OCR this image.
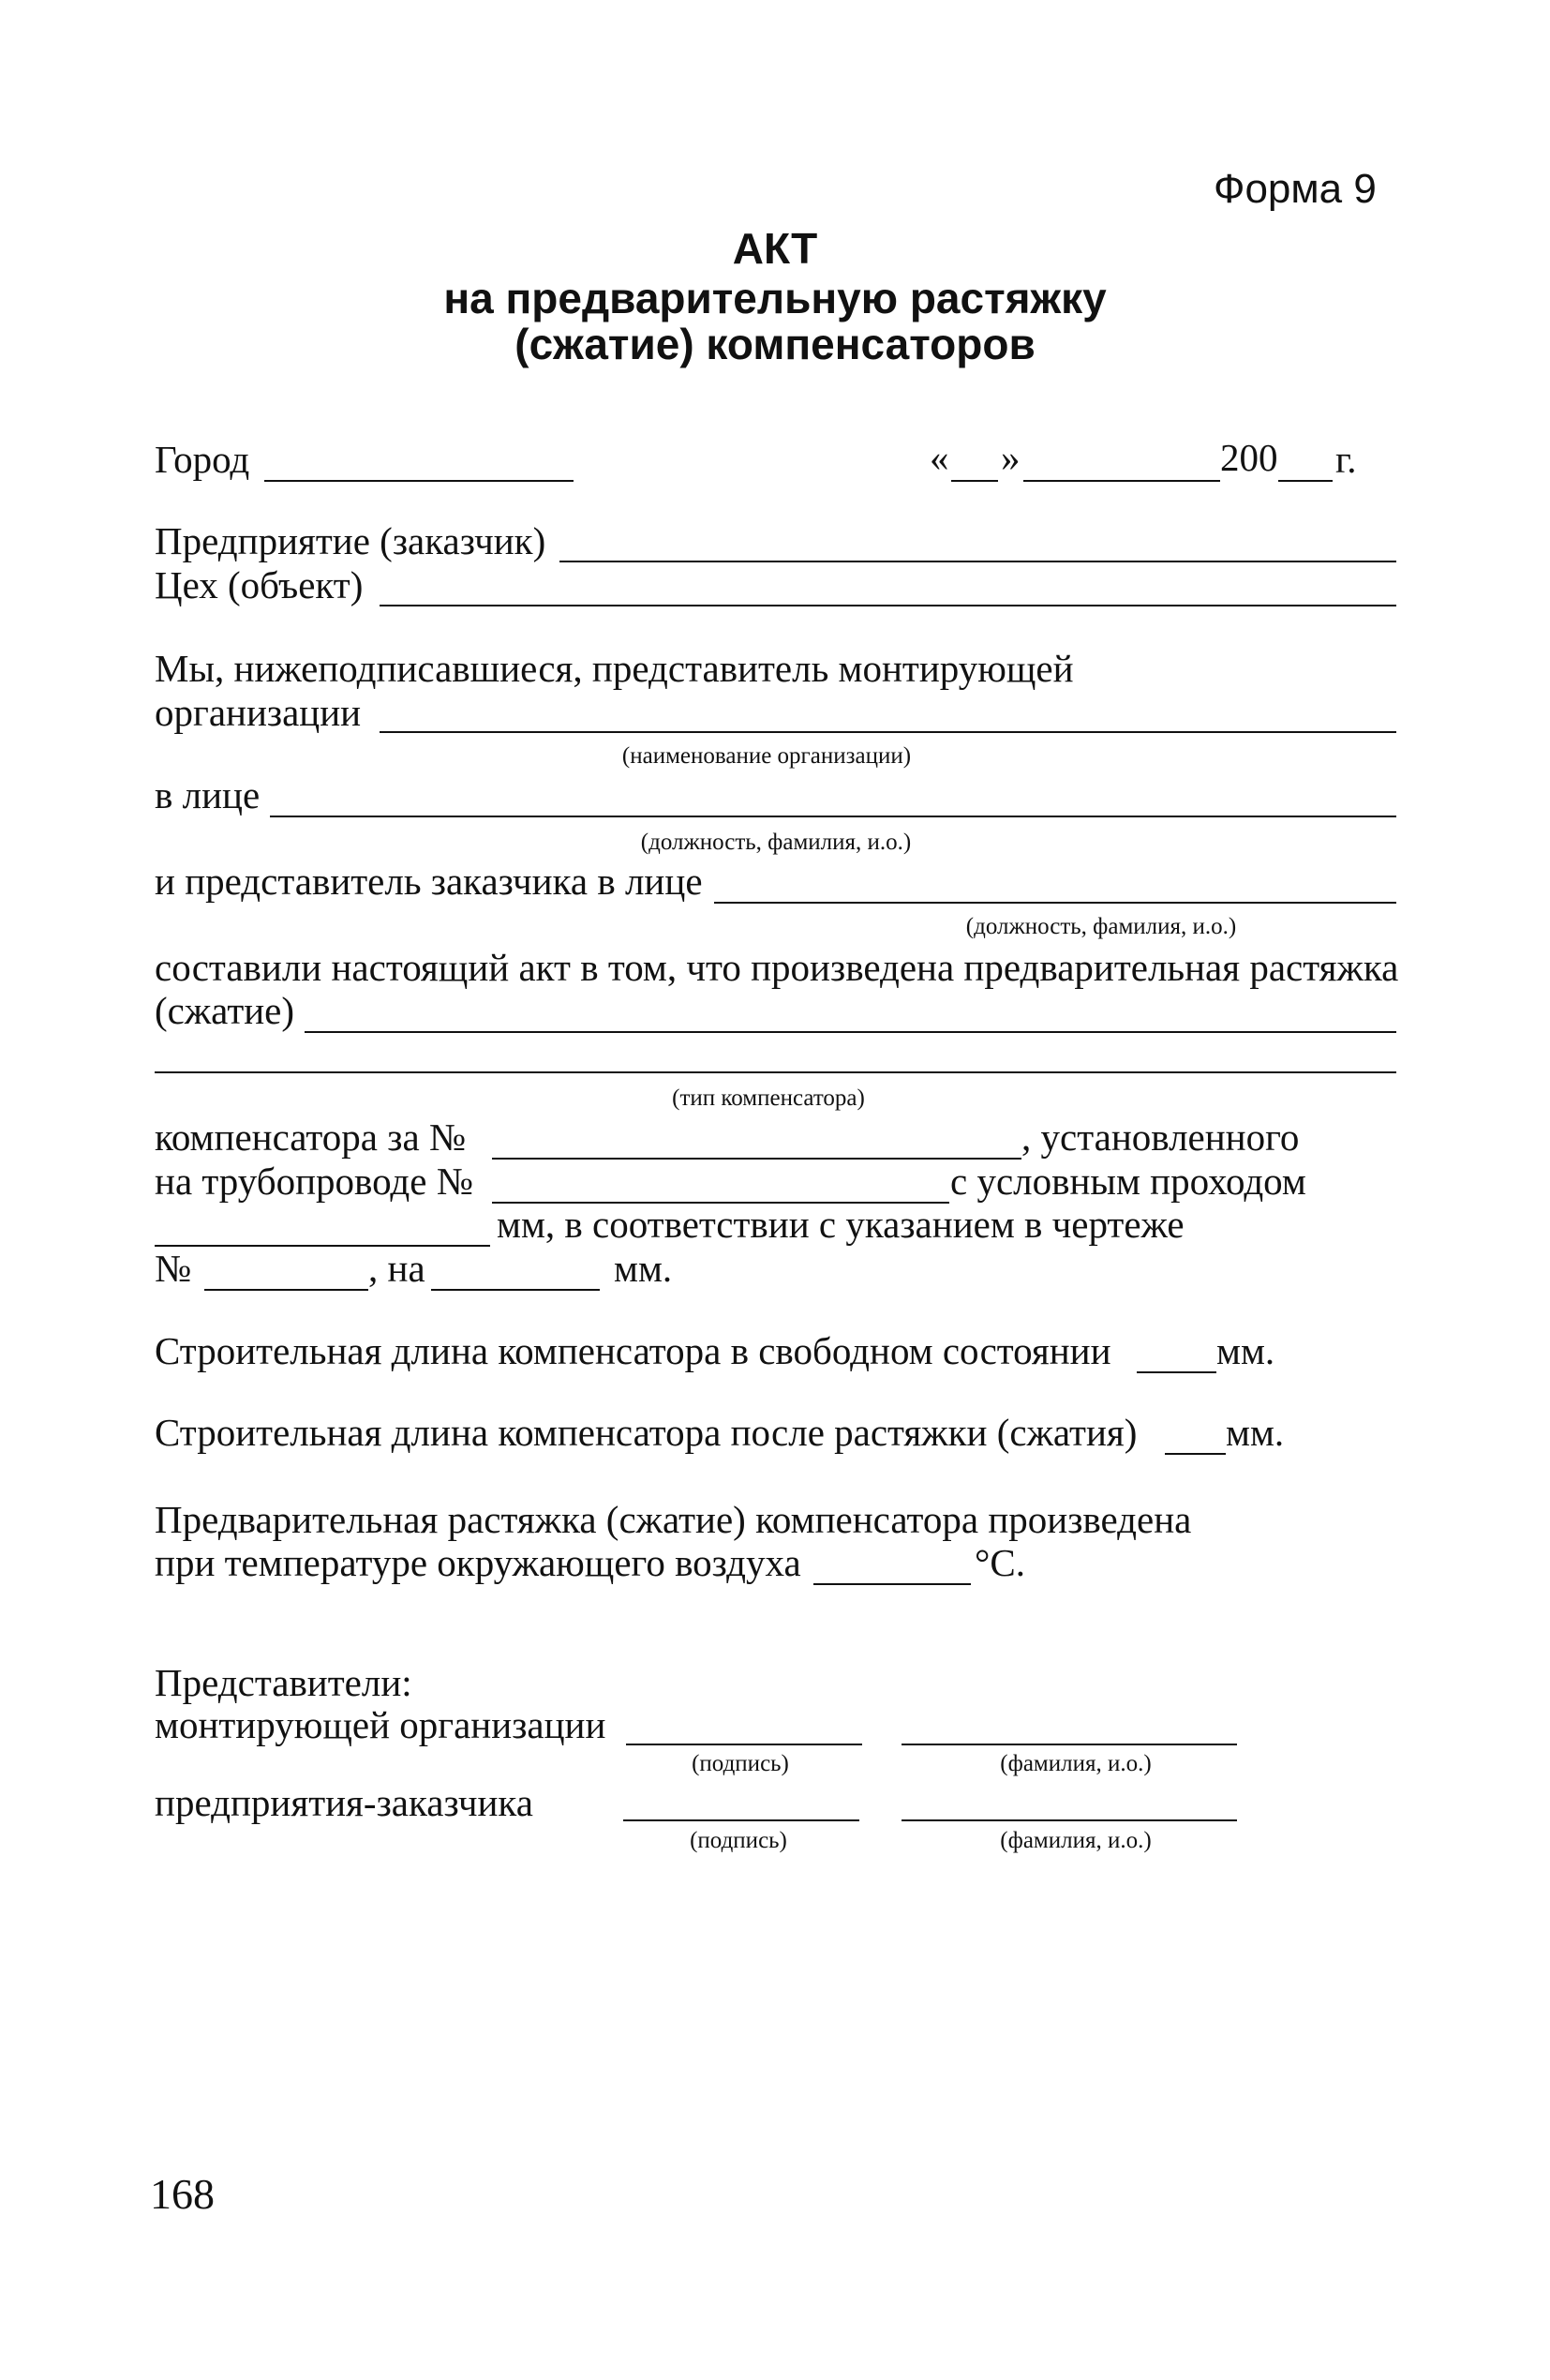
Форма 9
АКТ
на предварительную растяжку
(сжатие) компенсаторов
Город	« »	200 г.
Предприятие (заказчик)
Цех (объект)
Мы, нижеподписавшиеся, представитель монтирующей
организации
(наименование организации)
в лице
(должность, фамилия, и.о.)
и представитель заказчика в лице
(должность, фамилия, и.о.)
составили настоящий акт в том, что произведена предварительная растяжка
(сжатие)
(тип компенсатора)
компенсатора за №	, установленного
на трубопроводе №	с условным проходом
мм, в соответствии с указанием в чертеже
№	, на	мм.
Строительная длина компенсатора в свободном состоянии	мм.
Строительная длина компенсатора после растяжки (сжатия) мм.
Предварительная растяжка (сжатие) компенсатора произведена
при температуре окружающего воздуха	°С.
Представители:
монтирующей организации
(подпись)	(фамилия, и.о.)
предприятия-заказчика
(подпись)	(фамилия, и.о.)
168
